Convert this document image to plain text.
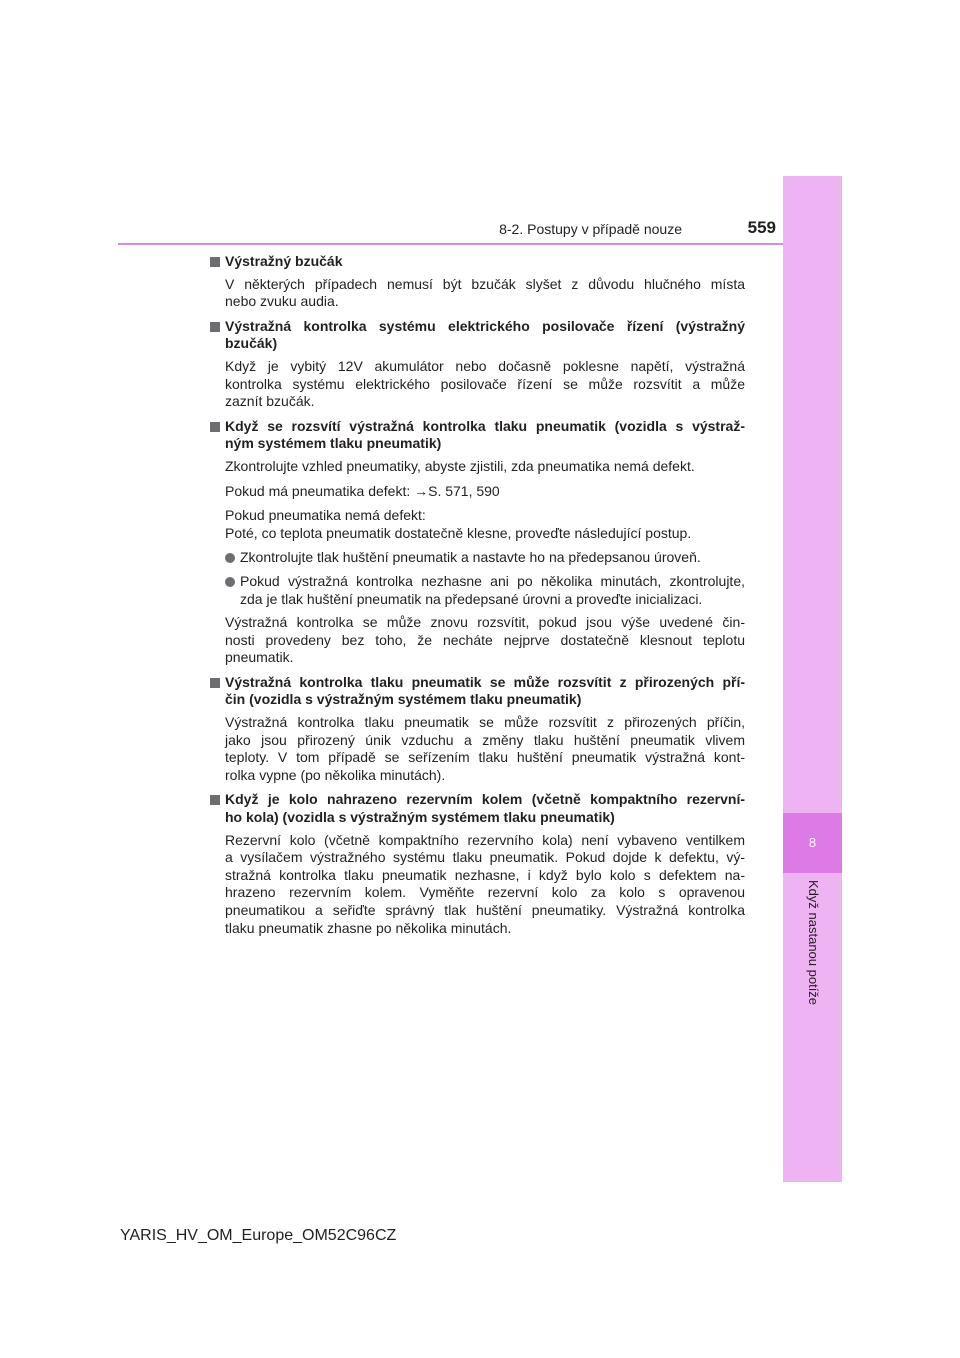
8
Když nastanou potíže
8-2. Postupy v případě nouze	559
Výstražný bzučák
V některých případech nemusí být bzučák slyšet z důvodu hlučného místa
nebo zvuku audia.
Výstražná kontrolka systému elektrického posilovače řízení (výstražný
bzučák)
Když je vybitý 12V akumulátor nebo dočasně poklesne napětí, výstražná
kontrolka systému elektrického posilovače řízení se může rozsvítit a může
zaznít bzučák.
Když se rozsvítí výstražná kontrolka tlaku pneumatik (vozidla s výstraž-
ným systémem tlaku pneumatik)
Zkontrolujte vzhled pneumatiky, abyste zjistili, zda pneumatika nemá defekt.
Pokud má pneumatika defekt: →S. 571, 590
Pokud pneumatika nemá defekt:
Poté, co teplota pneumatik dostatečně klesne, proveďte následující postup.
Zkontrolujte tlak huštění pneumatik a nastavte ho na předepsanou úroveň.
Pokud výstražná kontrolka nezhasne ani po několika minutách, zkontrolujte,
zda je tlak huštění pneumatik na předepsané úrovni a proveďte inicializaci.
Výstražná kontrolka se může znovu rozsvítit, pokud jsou výše uvedené čin-
nosti provedeny bez toho, že necháte nejprve dostatečně klesnout teplotu
pneumatik.
Výstražná kontrolka tlaku pneumatik se může rozsvítit z přirozených pří-
čin (vozidla s výstražným systémem tlaku pneumatik)
Výstražná kontrolka tlaku pneumatik se může rozsvítit z přirozených příčin,
jako jsou přirozený únik vzduchu a změny tlaku huštění pneumatik vlivem
teploty. V tom případě se seřízením tlaku huštění pneumatik výstražná kont-
rolka vypne (po několika minutách).
Když je kolo nahrazeno rezervním kolem (včetně kompaktního rezervní-
ho kola) (vozidla s výstražným systémem tlaku pneumatik)
Rezervní kolo (včetně kompaktního rezervního kola) není vybaveno ventilkem
a vysílačem výstražného systému tlaku pneumatik. Pokud dojde k defektu, vý-
stražná kontrolka tlaku pneumatik nezhasne, i když bylo kolo s defektem na-
hrazeno rezervním kolem. Vyměňte rezervní kolo za kolo s opravenou
pneumatikou a seřiďte správný tlak huštění pneumatiky. Výstražná kontrolka
tlaku pneumatik zhasne po několika minutách.
YARIS_HV_OM_Europe_OM52C96CZ
